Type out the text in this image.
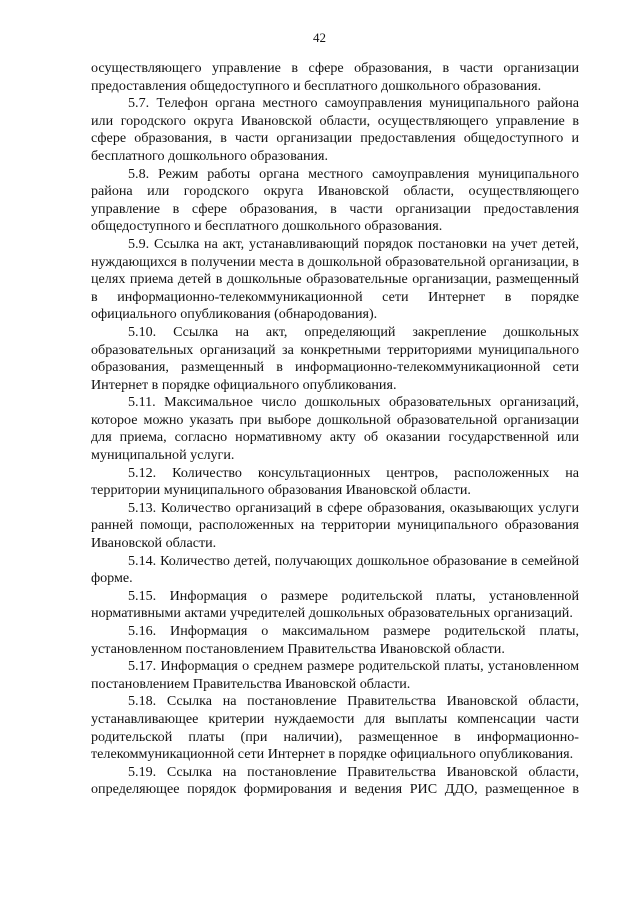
42

осуществляющего управление в сфере образования, в части организации предоставления общедоступного и бесплатного дошкольного образования.

5.7. Телефон органа местного самоуправления муниципального района или городского округа Ивановской области, осуществляющего управление в сфере образования, в части организации предоставления общедоступного и бесплатного дошкольного образования.

5.8. Режим работы органа местного самоуправления муниципального района или городского округа Ивановской области, осуществляющего управление в сфере образования, в части организации предоставления общедоступного и бесплатного дошкольного образования.

5.9. Ссылка на акт, устанавливающий порядок постановки на учет детей, нуждающихся в получении места в дошкольной образовательной организации, в целях приема детей в дошкольные образовательные организации, размещенный в информационно-телекоммуникационной сети Интернет в порядке официального опубликования (обнародования).

5.10. Ссылка на акт, определяющий закрепление дошкольных образовательных организаций за конкретными территориями муниципального образования, размещенный в информационно-телекоммуникационной сети Интернет в порядке официального опубликования.

5.11. Максимальное число дошкольных образовательных организаций, которое можно указать при выборе дошкольной образовательной организации для приема, согласно нормативному акту об оказании государственной или муниципальной услуги.

5.12. Количество консультационных центров, расположенных на территории муниципального образования Ивановской области.

5.13. Количество организаций в сфере образования, оказывающих услуги ранней помощи, расположенных на территории муниципального образования Ивановской области.

5.14. Количество детей, получающих дошкольное образование в семейной форме.

5.15. Информация о размере родительской платы, установленной нормативными актами учредителей дошкольных образовательных организаций.

5.16. Информация о максимальном размере родительской платы, установленном постановлением Правительства Ивановской области.

5.17. Информация о среднем размере родительской платы, установленном постановлением Правительства Ивановской области.

5.18. Ссылка на постановление Правительства Ивановской области, устанавливающее критерии нуждаемости для выплаты компенсации части родительской платы (при наличии), размещенное в информационно-телекоммуникационной сети Интернет в порядке официального опубликования.

5.19. Ссылка на постановление Правительства Ивановской области, определяющее порядок формирования и ведения РИС ДДО, размещенное в
